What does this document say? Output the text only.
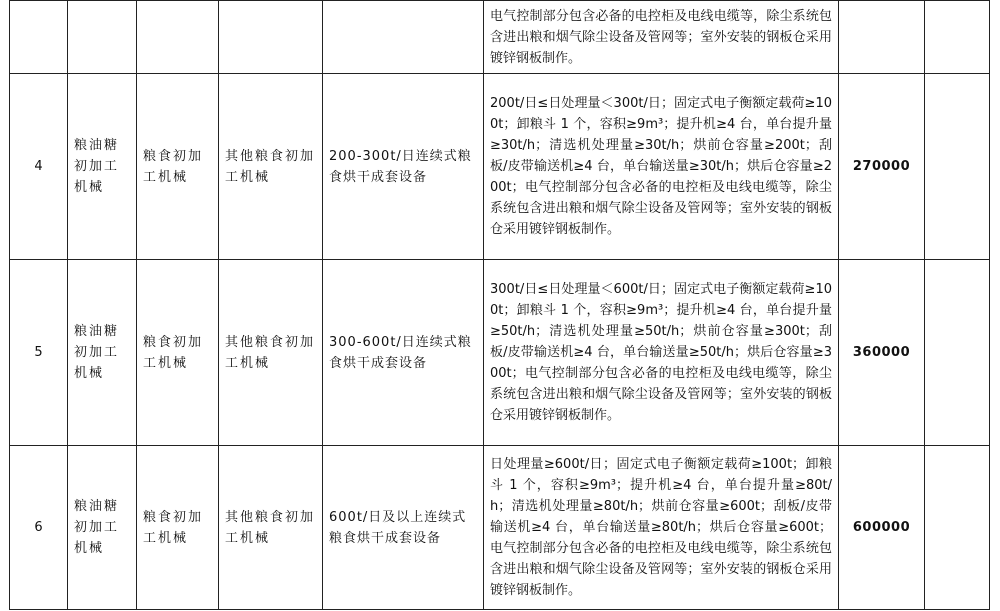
					电气控制部分包含必备的电控柜及电线电缆等，除尘系统包含进出粮和烟气除尘设备及管网等；室外安装的钢板仓采用镀锌钢板制作。		
4	粮油糖初加工机械	粮食初加工机械	其他粮食初加工机械	200-300t/日连续式粮食烘干成套设备	200t/日≤日处理量＜300t/日；固定式电子衡额定载荷≥100t；卸粮斗 1 个，容积≥9m³；提升机≥4 台，单台提升量≥30t/h；清选机处理量≥30t/h；烘前仓容量≥200t；刮板/皮带输送机≥4 台，单台输送量≥30t/h；烘后仓容量≥200t；电气控制部分包含必备的电控柜及电线电缆等，除尘系统包含进出粮和烟气除尘设备及管网等；室外安装的钢板仓采用镀锌钢板制作。	270000	
5	粮油糖初加工机械	粮食初加工机械	其他粮食初加工机械	300-600t/日连续式粮食烘干成套设备	300t/日≤日处理量＜600t/日；固定式电子衡额定载荷≥100t；卸粮斗 1 个，容积≥9m³；提升机≥4 台，单台提升量≥50t/h；清选机处理量≥50t/h；烘前仓容量≥300t；刮板/皮带输送机≥4 台，单台输送量≥50t/h；烘后仓容量≥300t；电气控制部分包含必备的电控柜及电线电缆等，除尘系统包含进出粮和烟气除尘设备及管网等；室外安装的钢板仓采用镀锌钢板制作。	360000	
6	粮油糖初加工机械	粮食初加工机械	其他粮食初加工机械	600t/日及以上连续式粮食烘干成套设备	日处理量≥600t/日；固定式电子衡额定载荷≥100t；卸粮斗 1 个，容积≥9m³；提升机≥4 台，单台提升量≥80t/h；清选机处理量≥80t/h；烘前仓容量≥600t；刮板/皮带输送机≥4 台，单台输送量≥80t/h；烘后仓容量≥600t；电气控制部分包含必备的电控柜及电线电缆等，除尘系统包含进出粮和烟气除尘设备及管网等；室外安装的钢板仓采用镀锌钢板制作。	600000	
